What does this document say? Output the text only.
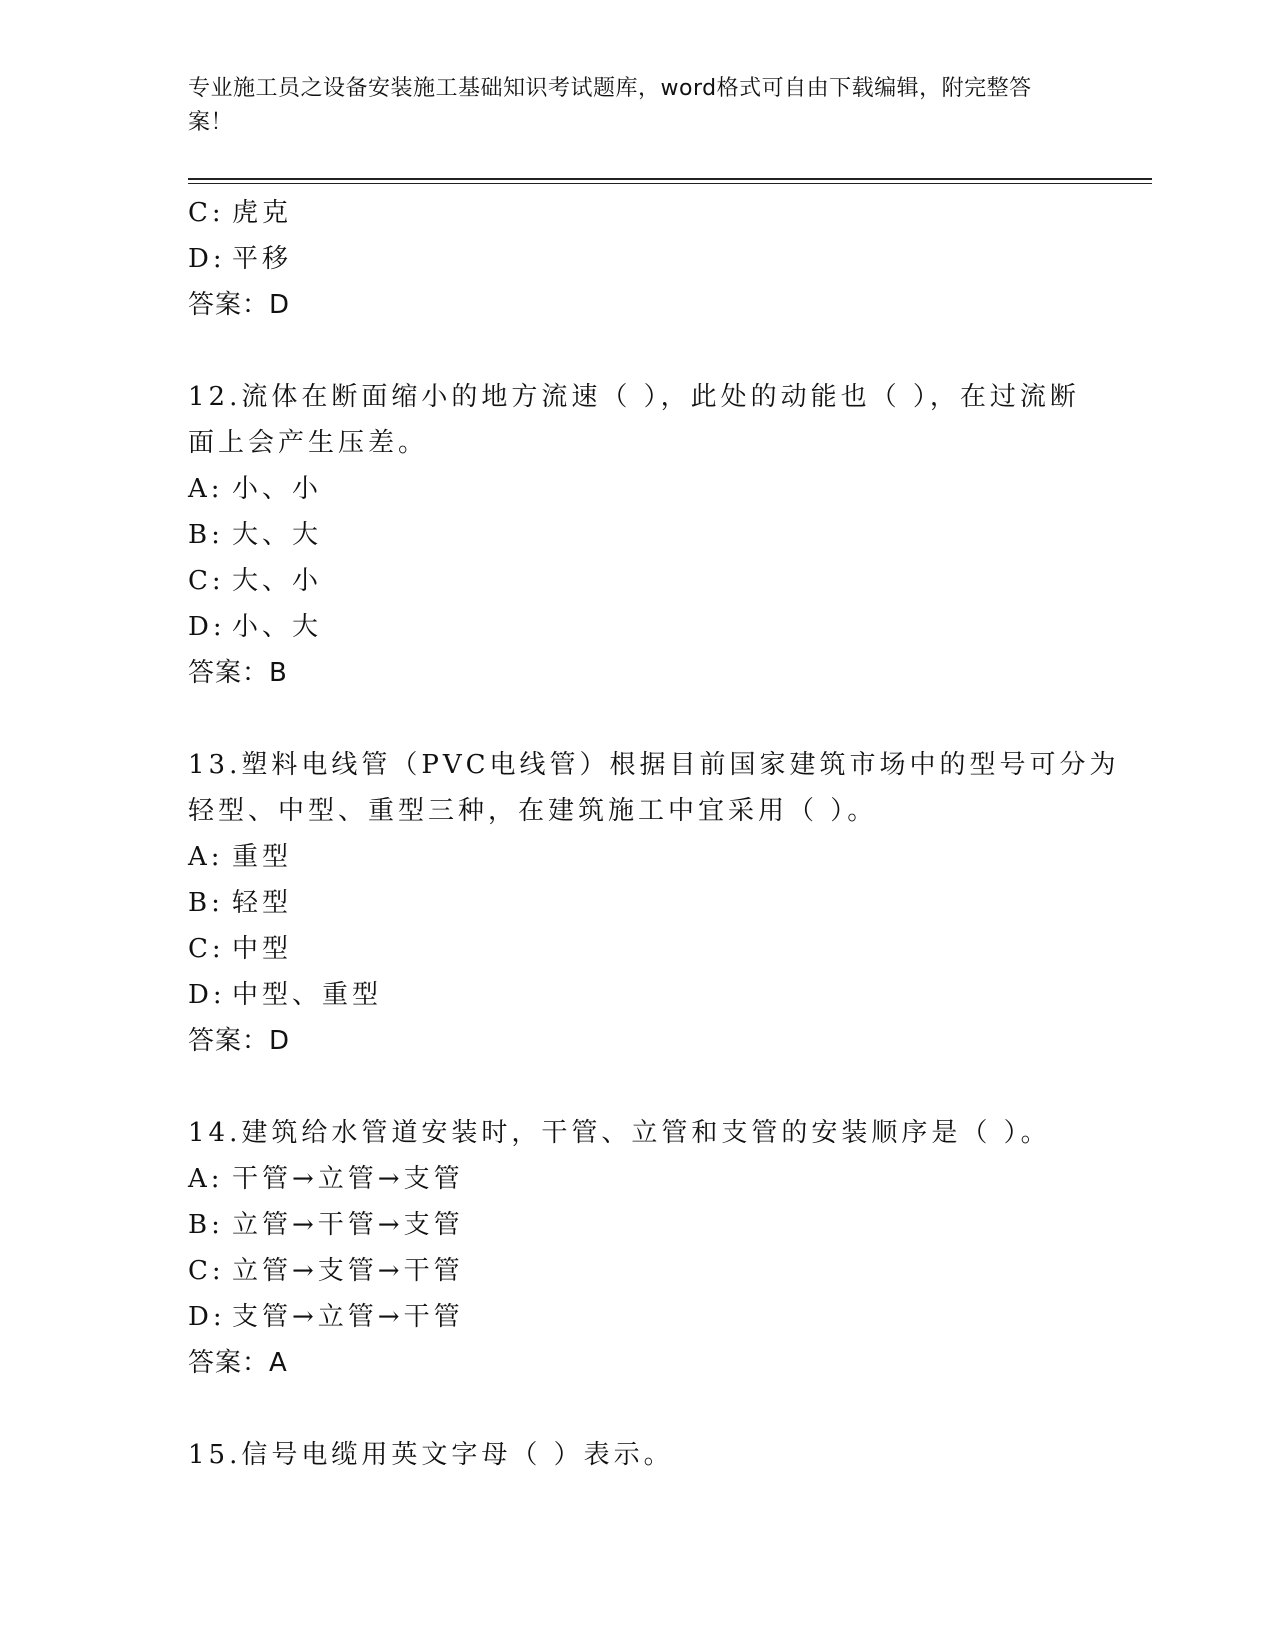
专业施工员之设备安装施工基础知识考试题库，word格式可自由下载编辑，附完整答案！
C: 虎克
D: 平移
答案：D
12.流体在断面缩小的地方流速（ ），此处的动能也（ ），在过流断
面上会产生压差。
A: 小、小
B: 大、大
C: 大、小
D: 小、大
答案：B
13.塑料电线管（PVC电线管）根据目前国家建筑市场中的型号可分为
轻型、中型、重型三种，在建筑施工中宜采用（ ）。
A: 重型
B: 轻型
C: 中型
D: 中型、重型
答案：D
14.建筑给水管道安装时，干管、立管和支管的安装顺序是（ ）。
A: 干管→立管→支管
B: 立管→干管→支管
C: 立管→支管→干管
D: 支管→立管→干管
答案：A
15.信号电缆用英文字母（ ）表示。
